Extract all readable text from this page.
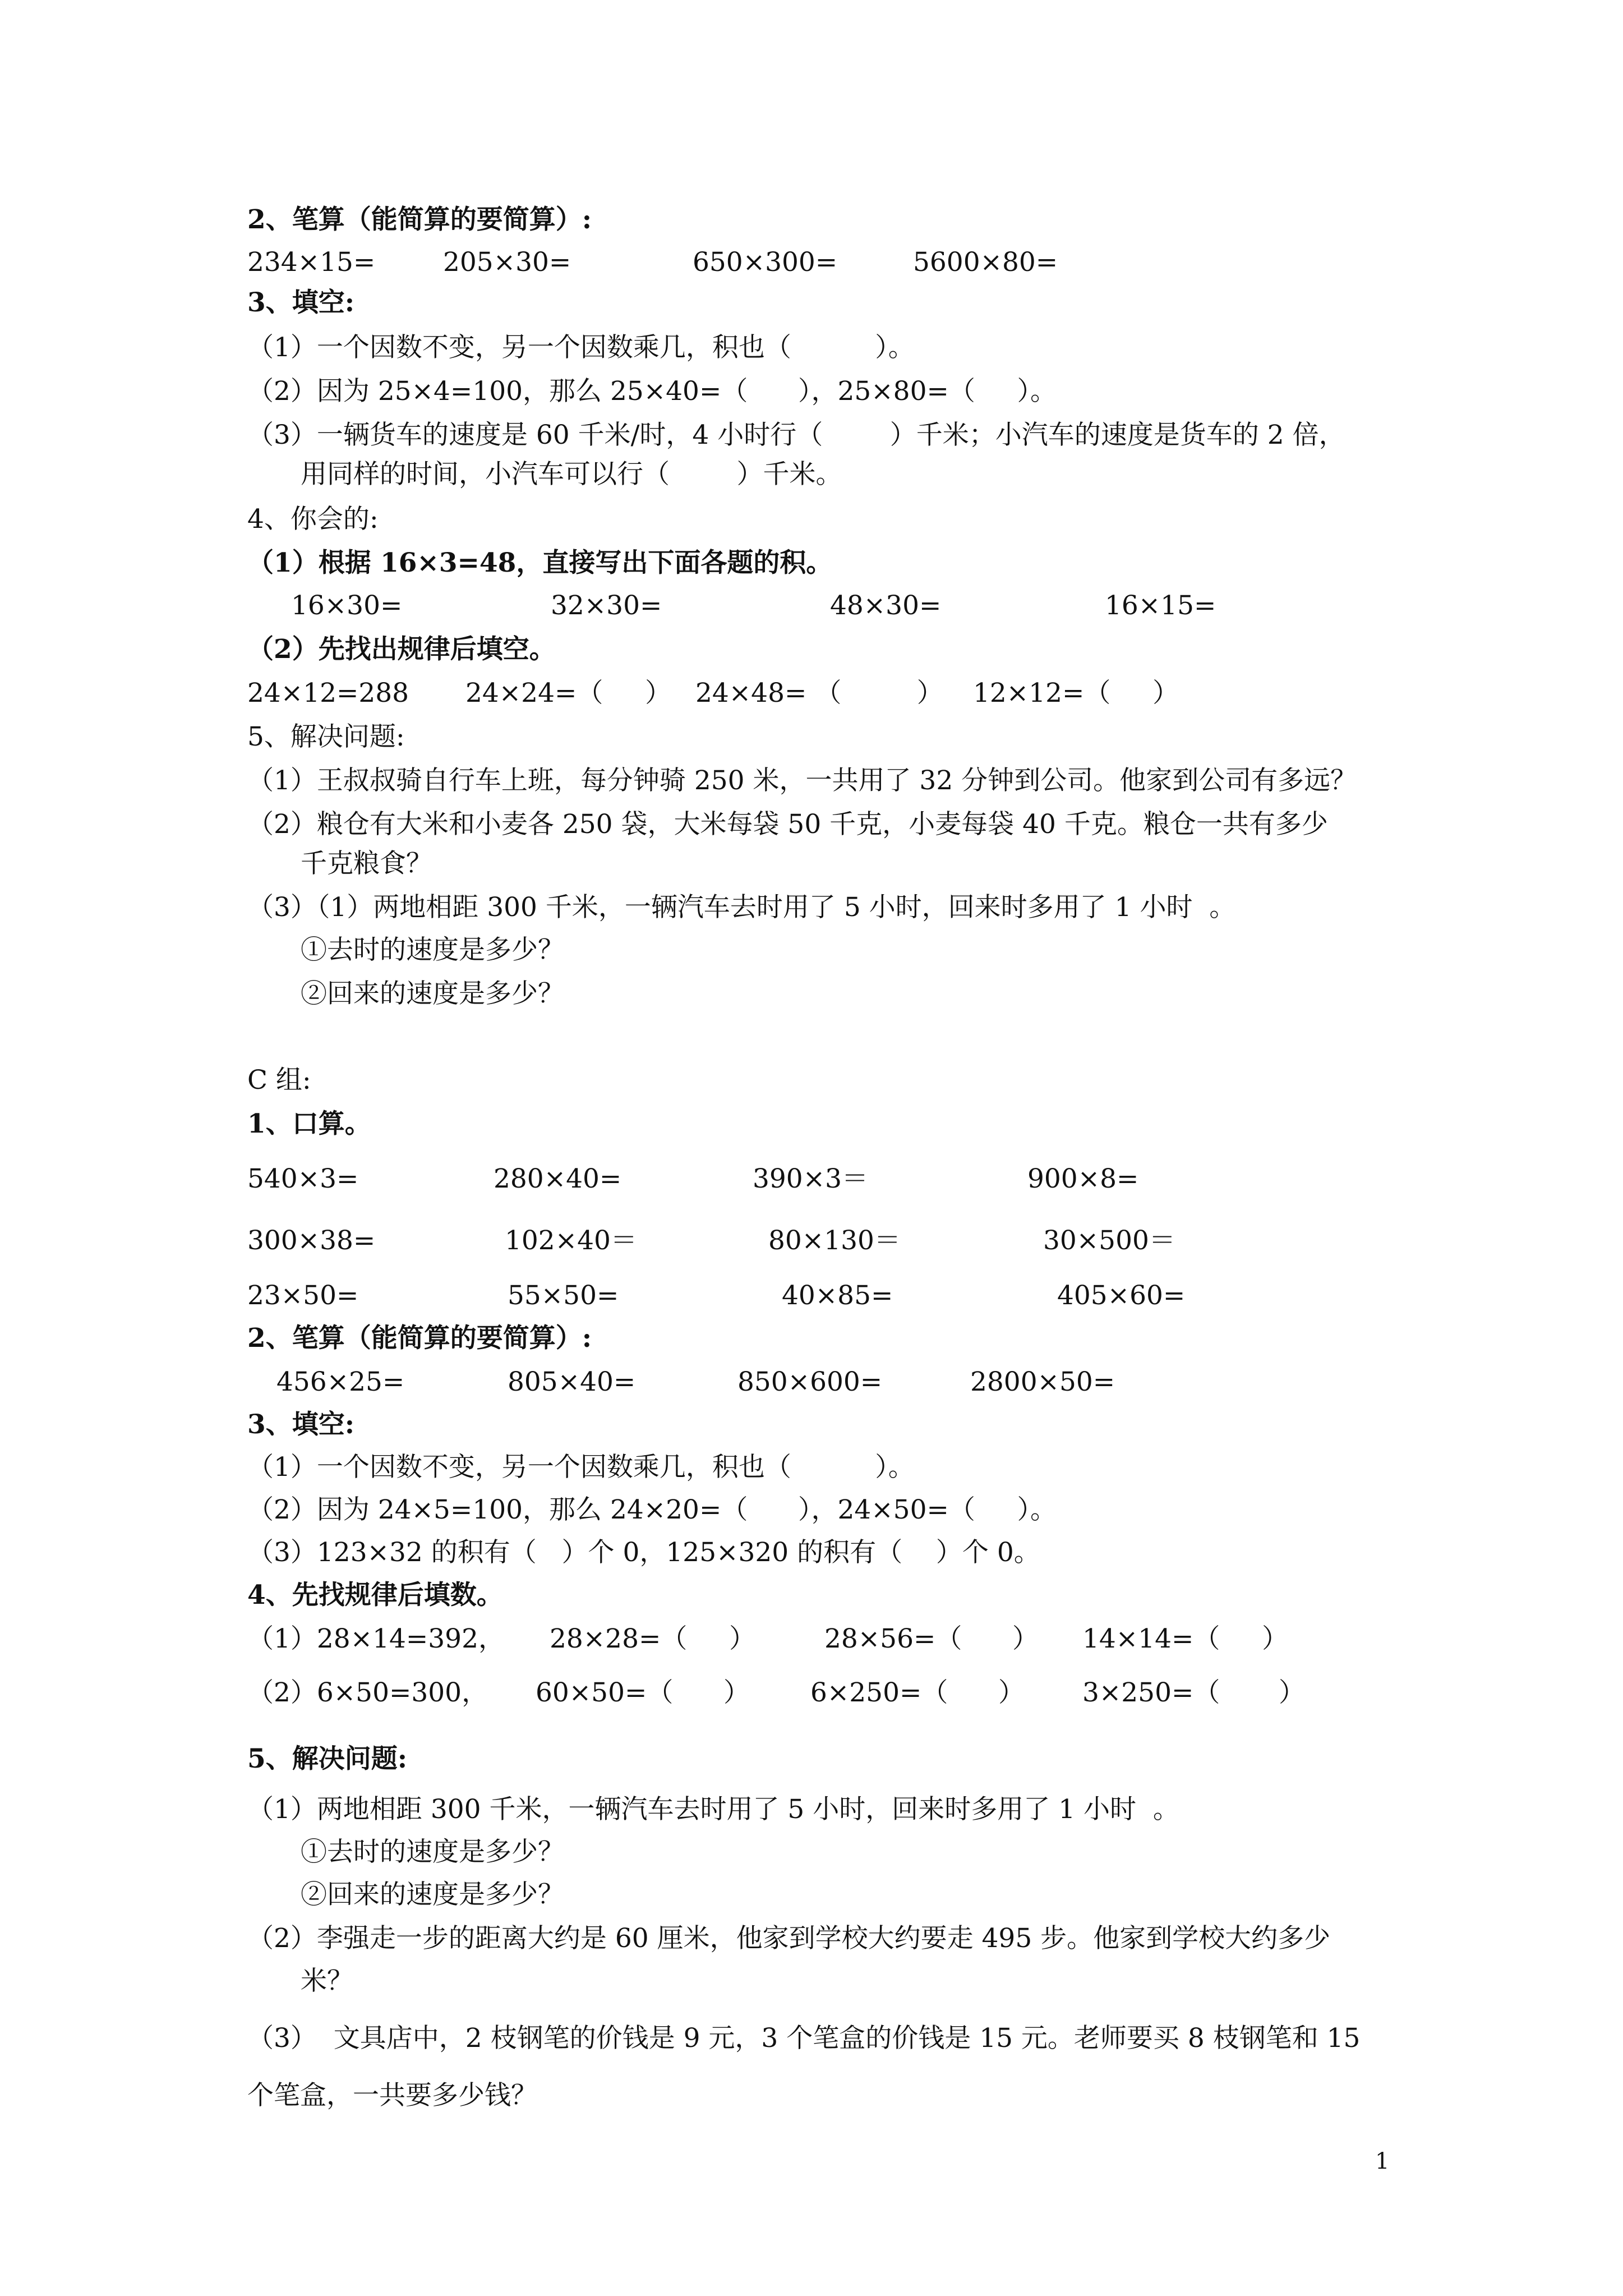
2、笔算（能简算的要简算）:
234×15=	205×30=	650×300=	5600×80=
3、填空:
（1）一个因数不变，另一个因数乘几，积也（          ）。
（2）因为 25×4=100，那么 25×40=（      ），25×80=（     ）。
（3）一辆货车的速度是 60 千米/时，4 小时行（        ）千米；小汽车的速度是货车的 2 倍，
用同样的时间，小汽车可以行（        ）千米。
4、你会的:
（1）根据 16×3=48，直接写出下面各题的积。
16×30=	32×30=	48×30=	16×15=
（2）先找出规律后填空。
24×12=288 24×24=（     ） 24×48= （         ） 12×12=（     ）
5、解决问题:
（1）王叔叔骑自行车上班，每分钟骑 250 米，一共用了 32 分钟到公司。他家到公司有多远？
（2）粮仓有大米和小麦各 250 袋，大米每袋 50 千克，小麦每袋 40 千克。粮仓一共有多少
千克粮食？
（3）（1）两地相距 300 千米，一辆汽车去时用了 5 小时，回来时多用了 1 小时  。
①去时的速度是多少？
②回来的速度是多少？
C 组:
1、口算。
540×3=	280×40=	390×3＝	900×8=
300×38=	102×40＝	80×130＝	30×500＝
23×50=	55×50=	40×85=	405×60=
2、笔算（能简算的要简算）:
456×25=	805×40=	850×600=	2800×50=
3、填空:
（1）一个因数不变，另一个因数乘几，积也（          ）。
（2）因为 24×5=100，那么 24×20=（      ），24×50=（     ）。
（3）123×32 的积有（   ）个 0，125×320 的积有（    ）个 0。
4、先找规律后填数。
（1）28×14=392， 28×28=（     ）	28×56=（      ） 14×14=（     ）
（2）6×50=300， 60×50=（      ） 6×250=（      ） 3×250=（       ）
5、解决问题:
（1）两地相距 300 千米，一辆汽车去时用了 5 小时，回来时多用了 1 小时  。
①去时的速度是多少？
②回来的速度是多少？
（2）李强走一步的距离大约是 60 厘米，他家到学校大约要走 495 步。他家到学校大约多少
米？
（3）  文具店中，2 枝钢笔的价钱是 9 元，3 个笔盒的价钱是 15 元。老师要买 8 枝钢笔和 15
个笔盒，一共要多少钱？
1
